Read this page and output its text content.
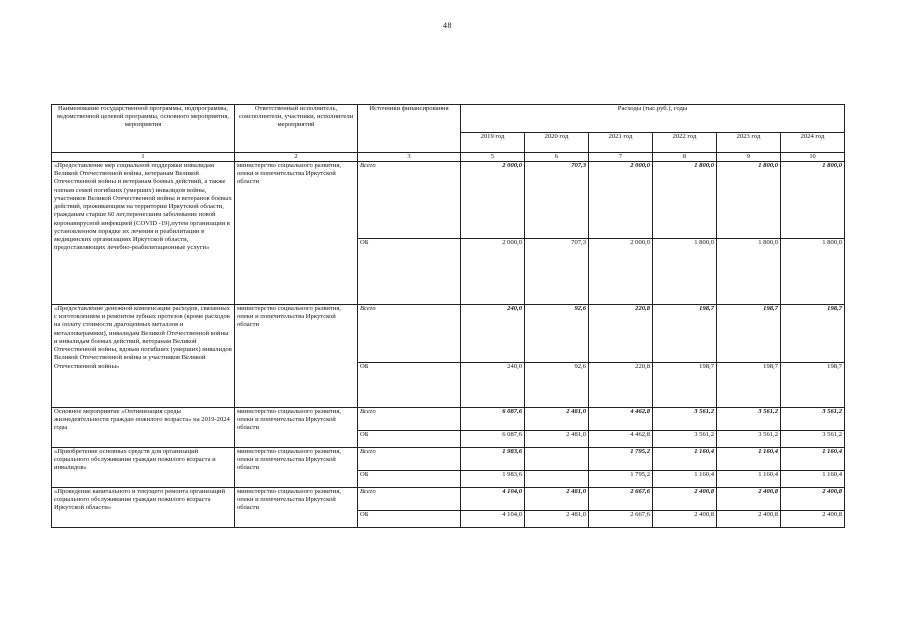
48
Наименование государственной программы, подпрограммы, ведомственной целевой программы, основного мероприятия, мероприятия	Ответственный исполнитель, соисполнители, участники, исполнители мероприятий	Источники финансирования	Расходы (тыс.руб.), годы					
			2019 год	2020 год	2021 год	2022 год	2023 год	2024 год
1	2	3	5	6	7	8	9	10
«Предоставление мер социальной поддержки инвалидам Великой Отечественной войны, ветеранам Великой Отечественной войны и ветеранам боевых действий, а также членам семей погибших (умерших) инвалидов войны, участников Великой Отечественной войны и ветеранов боевых действий, проживающим на территории Иркутской области, гражданам старше 60 лет,перенесшим заболевание новой коронавирусной инфекцией (COVID -19),путем организации в установленном порядке их лечения и реабилитации в медицинских организациях Иркутской области, предоставляющих лечебно-реабилитационные услуги»	министерство социального развития, опеки и попечительства Иркутской области	Всего	2 000,0	707,3	2 000,0	1 800,0	1 800,0	1 800,0
		ОБ	2 000,0	707,3	2 000,0	1 800,0	1 800,0	1 800,0
«Предоставление денежной компенсации расходов, связанных с изготовлением и ремонтом зубных протезов (кроме расходов на оплату стоимости драгоценных металлов и металлокерамики), инвалидам Великой Отечественной войны и инвалидам боевых действий, ветеранам Великой Отечественной войны, вдовам погибших (умерших) инвалидов Великой Отечественной войны и участников Великой Отечественной войны»	министерство социального развития, опеки и попечительства Иркутской области	Всего	240,0	92,6	220,8	198,7	198,7	198,7
		ОБ	240,0	92,6	220,8	198,7	198,7	198,7
Основное мероприятие «Оптимизация среды жизнедеятельности граждан пожилого возраста» на 2019-2024 годы	министерство социального развития, опеки и попечительства Иркутской области	Всего	6 087,6	2 481,0	4 462,8	3 561,2	3 561,2	3 561,2
		ОБ	6 087,6	2 481,0	4 462,8	3 561,2	3 561,2	3 561,2
«Приобретение основных средств для организаций социального обслуживания граждан пожилого возраста и инвалидов»	министерство социального развития, опеки и попечительства Иркутской области	Всего	1 983,6		1 795,2	1 160,4	1 160,4	1 160,4
		ОБ	1 983,6		1 795,2	1 160,4	1 160,4	1 160,4
«Проведение капитального и текущего ремонта организаций социального обслуживания граждан пожилого возраста Иркутской области»	министерство социального развития, опеки и попечительства Иркутской области	Всего	4 104,0	2 481,0	2 667,6	2 400,8	2 400,8	2 400,8
		ОБ	4 104,0	2 481,0	2 667,6	2 400,8	2 400,8	2 400,8
